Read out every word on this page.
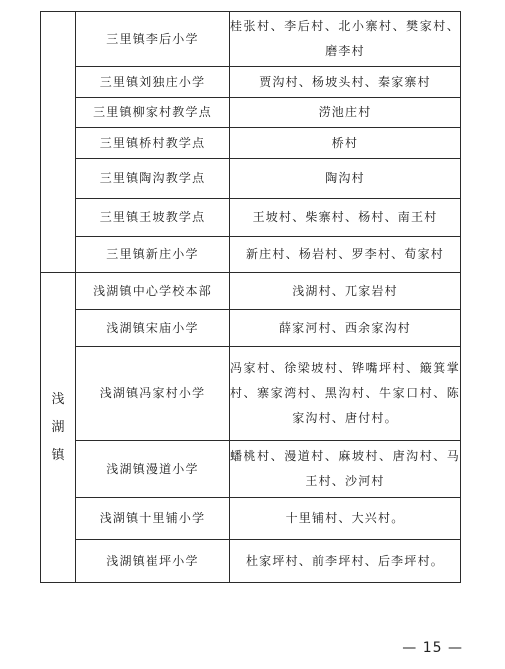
	三里镇李后小学	桂张村、李后村、北小寨村、樊家村、磨李村

	三里镇刘独庄小学	贾沟村、杨坡头村、秦家寨村

	三里镇柳家村教学点	涝池庄村

	三里镇桥村教学点	桥村

	三里镇陶沟教学点	陶沟村

	三里镇王坡教学点	王坡村、柴寨村、杨村、南王村

	三里镇新庄小学	新庄村、杨岩村、罗李村、荀家村

浅 湖 镇	浅湖镇中心学校本部	浅湖村、兀家岩村

	浅湖镇宋庙小学	薛家河村、西余家沟村

	浅湖镇冯家村小学	冯家村、徐梁坡村、铧嘴坪村、簸箕掌村、寨家湾村、黑沟村、牛家口村、陈家沟村、唐付村。

	浅湖镇漫道小学	蟠桃村、漫道村、麻坡村、唐沟村、马王村、沙河村

	浅湖镇十里铺小学	十里铺村、大兴村。

	浅湖镇崔坪小学	杜家坪村、前李坪村、后李坪村。
— 15 —
